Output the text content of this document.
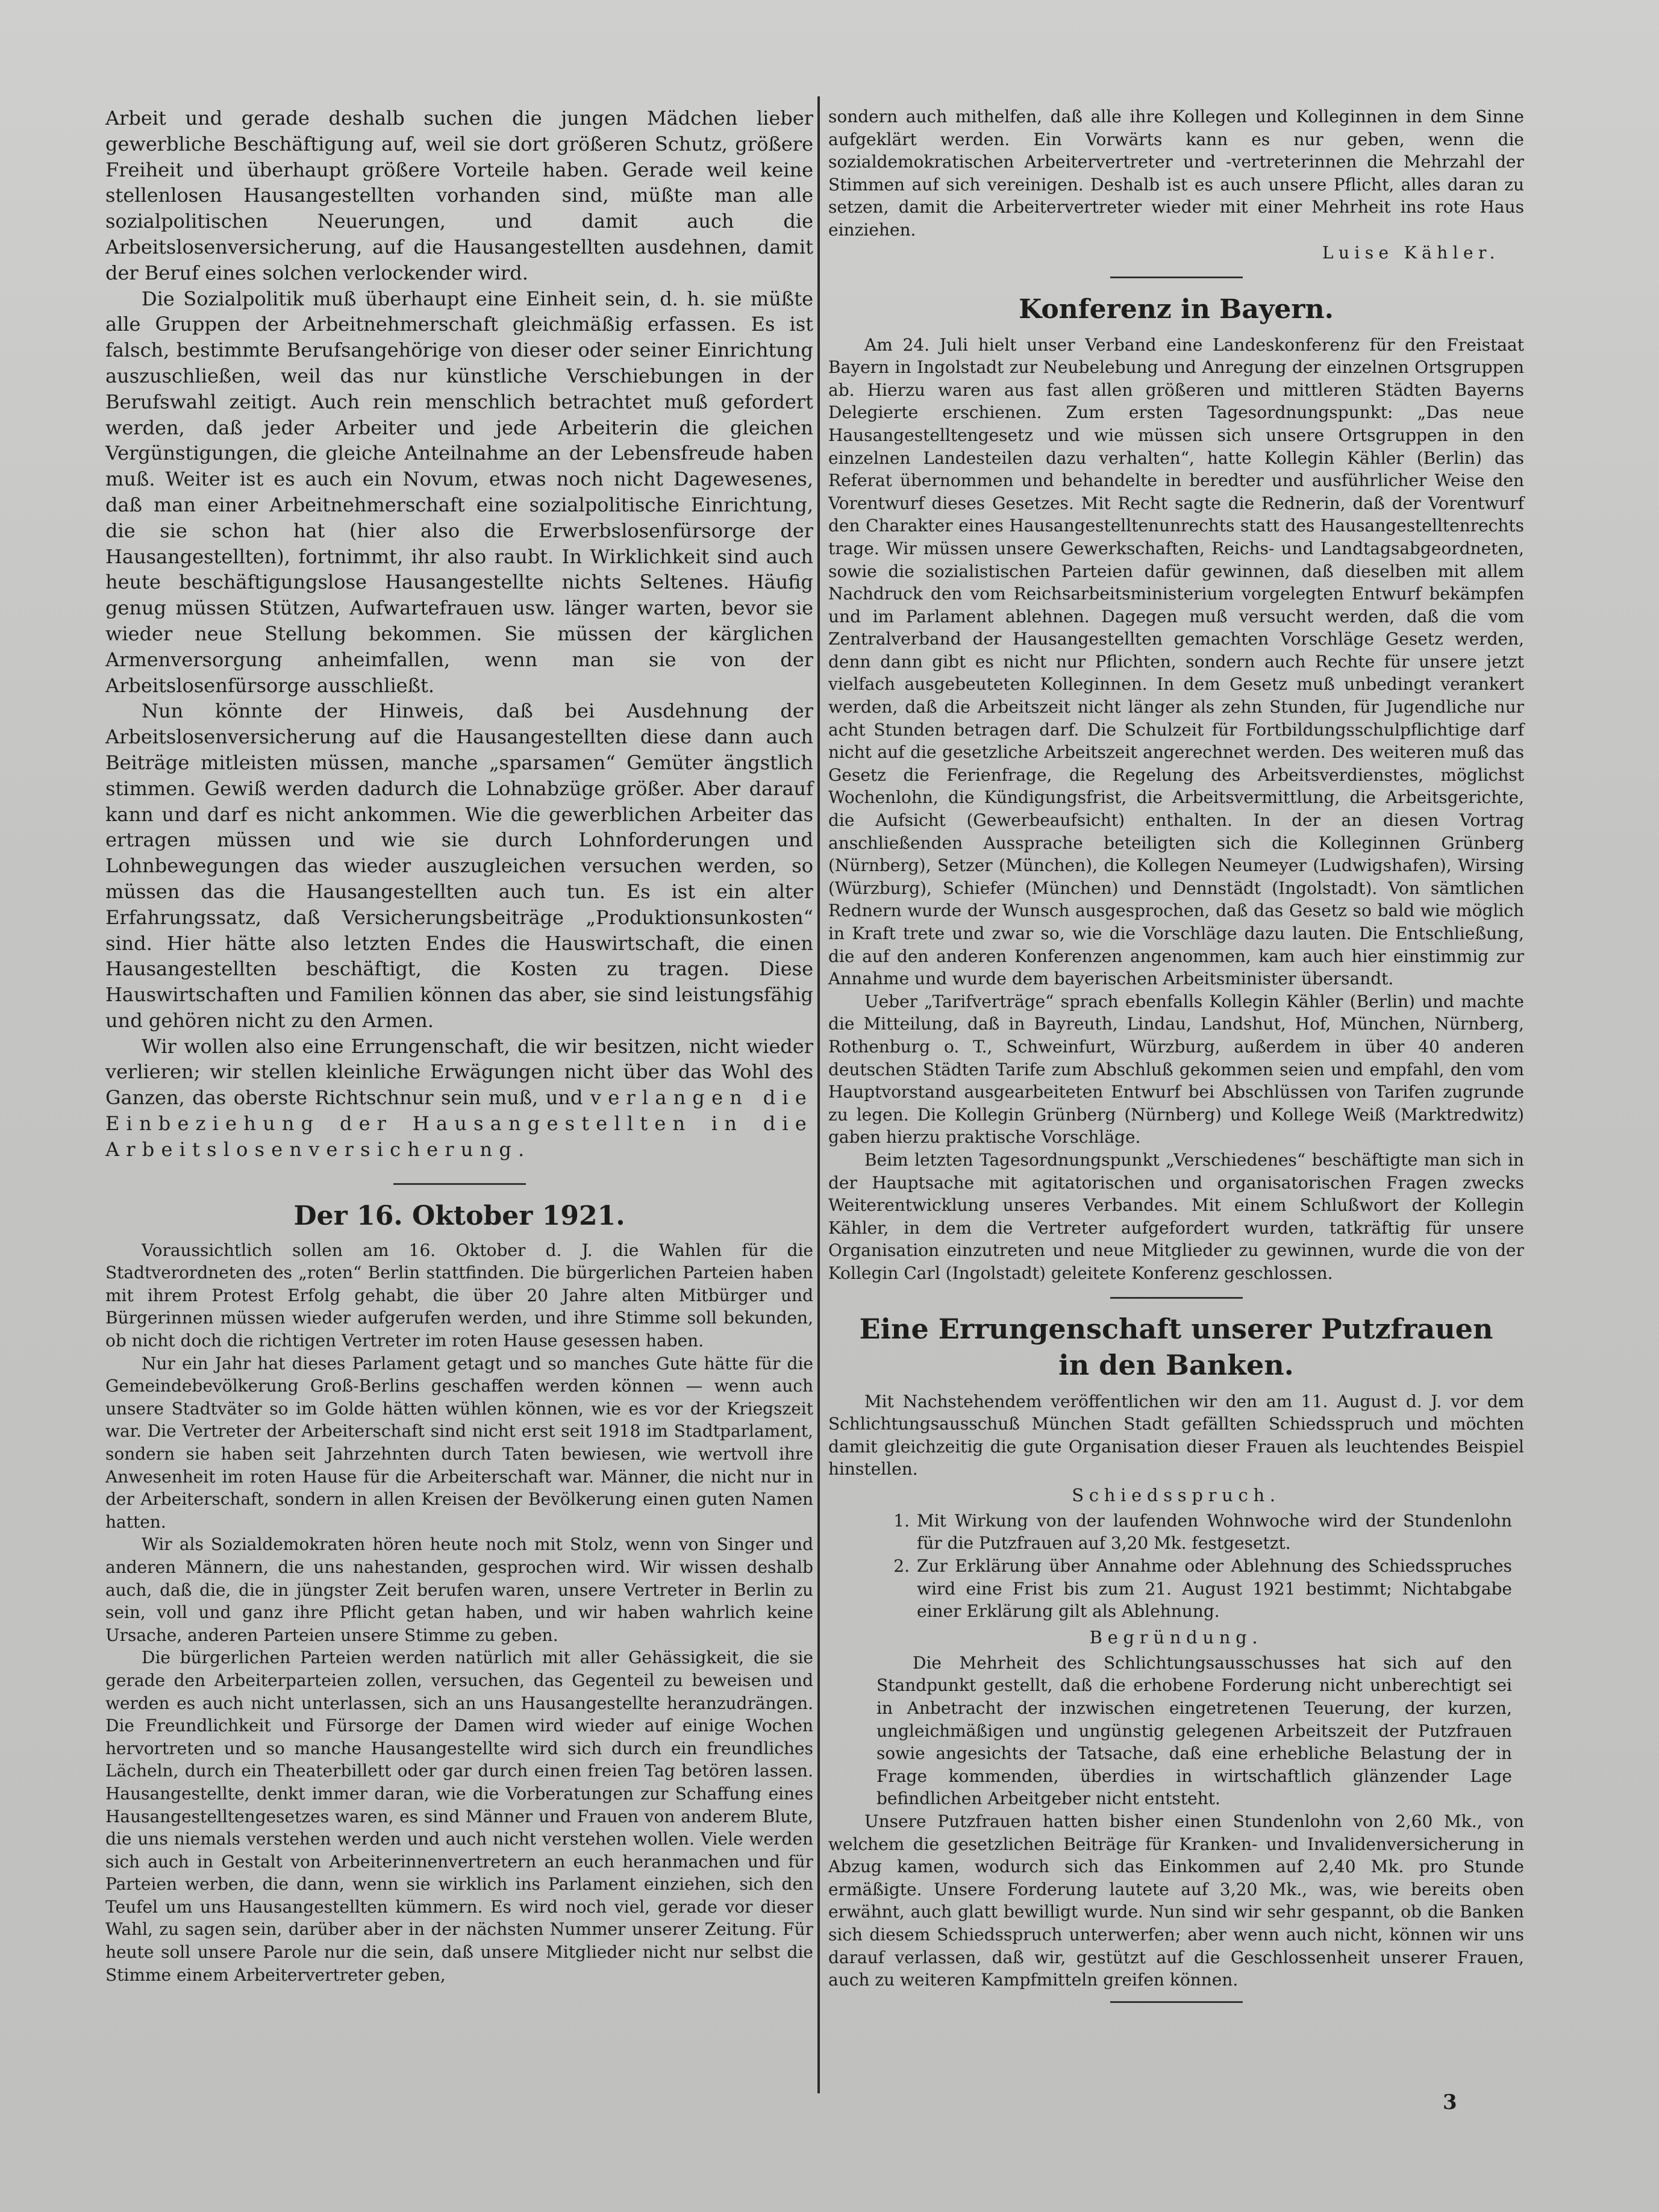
Arbeit und gerade deshalb suchen die jungen Mädchen lieber gewerbliche Beschäftigung auf, weil sie dort größeren Schutz, größere Freiheit und überhaupt größere Vorteile haben. Gerade weil keine stellenlosen Hausangestellten vorhanden sind, müßte man alle sozialpolitischen Neuerungen, und damit auch die Arbeitslosenversicherung, auf die Hausangestellten ausdehnen, damit der Beruf eines solchen verlockender wird.

Die Sozialpolitik muß überhaupt eine Einheit sein, d. h. sie müßte alle Gruppen der Arbeitnehmerschaft gleichmäßig erfassen. Es ist falsch, bestimmte Berufsangehörige von dieser oder seiner Einrichtung auszuschließen, weil das nur künstliche Verschiebungen in der Berufswahl zeitigt. Auch rein menschlich betrachtet muß gefordert werden, daß jeder Arbeiter und jede Arbeiterin die gleichen Vergünstigungen, die gleiche Anteilnahme an der Lebensfreude haben muß. Weiter ist es auch ein Novum, etwas noch nicht Dagewesenes, daß man einer Arbeitnehmerschaft eine sozialpolitische Einrichtung, die sie schon hat (hier also die Erwerbslosenfürsorge der Hausangestellten), fortnimmt, ihr also raubt. In Wirklichkeit sind auch heute beschäftigungslose Hausangestellte nichts Seltenes. Häufig genug müssen Stützen, Aufwartefrauen usw. länger warten, bevor sie wieder neue Stellung bekommen. Sie müssen der kärglichen Armenversorgung anheimfallen, wenn man sie von der Arbeitslosenfürsorge ausschließt.

Nun könnte der Hinweis, daß bei Ausdehnung der Arbeitslosenversicherung auf die Hausangestellten diese dann auch Beiträge mitleisten müssen, manche „sparsamen“ Gemüter ängstlich stimmen. Gewiß werden dadurch die Lohnabzüge größer. Aber darauf kann und darf es nicht ankommen. Wie die gewerblichen Arbeiter das ertragen müssen und wie sie durch Lohnforderungen und Lohnbewegungen das wieder auszugleichen versuchen werden, so müssen das die Hausangestellten auch tun. Es ist ein alter Erfahrungssatz, daß Versicherungsbeiträge „Produktionsunkosten“ sind. Hier hätte also letzten Endes die Hauswirtschaft, die einen Hausangestellten beschäftigt, die Kosten zu tragen. Diese Hauswirtschaften und Familien können das aber, sie sind leistungsfähig und gehören nicht zu den Armen.

Wir wollen also eine Errungenschaft, die wir besitzen, nicht wieder verlieren; wir stellen kleinliche Erwägungen nicht über das Wohl des Ganzen, das oberste Richtschnur sein muß, und verlangen die Einbeziehung der Hausangestellten in die Arbeitslosenversicherung.

Der 16. Oktober 1921.

Voraussichtlich sollen am 16. Oktober d. J. die Wahlen für die Stadtverordneten des „roten“ Berlin stattfinden. Die bürgerlichen Parteien haben mit ihrem Protest Erfolg gehabt, die über 20 Jahre alten Mitbürger und Bürgerinnen müssen wieder aufgerufen werden, und ihre Stimme soll bekunden, ob nicht doch die richtigen Vertreter im roten Hause gesessen haben.

Nur ein Jahr hat dieses Parlament getagt und so manches Gute hätte für die Gemeindebevölkerung Groß-Berlins geschaffen werden können — wenn auch unsere Stadtväter so im Golde hätten wühlen können, wie es vor der Kriegszeit war. Die Vertreter der Arbeiterschaft sind nicht erst seit 1918 im Stadtparlament, sondern sie haben seit Jahrzehnten durch Taten bewiesen, wie wertvoll ihre Anwesenheit im roten Hause für die Arbeiterschaft war. Männer, die nicht nur in der Arbeiterschaft, sondern in allen Kreisen der Bevölkerung einen guten Namen hatten.

Wir als Sozialdemokraten hören heute noch mit Stolz, wenn von Singer und anderen Männern, die uns nahestanden, gesprochen wird. Wir wissen deshalb auch, daß die, die in jüngster Zeit berufen waren, unsere Vertreter in Berlin zu sein, voll und ganz ihre Pflicht getan haben, und wir haben wahrlich keine Ursache, anderen Parteien unsere Stimme zu geben.

Die bürgerlichen Parteien werden natürlich mit aller Gehässigkeit, die sie gerade den Arbeiterparteien zollen, versuchen, das Gegenteil zu beweisen und werden es auch nicht unterlassen, sich an uns Hausangestellte heranzudrängen. Die Freundlichkeit und Fürsorge der Damen wird wieder auf einige Wochen hervortreten und so manche Hausangestellte wird sich durch ein freundliches Lächeln, durch ein Theaterbillett oder gar durch einen freien Tag betören lassen. Hausangestellte, denkt immer daran, wie die Vorberatungen zur Schaffung eines Hausangestelltengesetzes waren, es sind Männer und Frauen von anderem Blute, die uns niemals verstehen werden und auch nicht verstehen wollen. Viele werden sich auch in Gestalt von Arbeiterinnenvertretern an euch heranmachen und für Parteien werben, die dann, wenn sie wirklich ins Parlament einziehen, sich den Teufel um uns Hausangestellten kümmern. Es wird noch viel, gerade vor dieser Wahl, zu sagen sein, darüber aber in der nächsten Nummer unserer Zeitung. Für heute soll unsere Parole nur die sein, daß unsere Mitglieder nicht nur selbst die Stimme einem Arbeitervertreter geben,

sondern auch mithelfen, daß alle ihre Kollegen und Kolleginnen in dem Sinne aufgeklärt werden. Ein Vorwärts kann es nur geben, wenn die sozialdemokratischen Arbeitervertreter und -vertreterinnen die Mehrzahl der Stimmen auf sich vereinigen. Deshalb ist es auch unsere Pflicht, alles daran zu setzen, damit die Arbeitervertreter wieder mit einer Mehrheit ins rote Haus einziehen.

Luise Kähler.
Konferenz in Bayern.

Am 24. Juli hielt unser Verband eine Landeskonferenz für den Freistaat Bayern in Ingolstadt zur Neubelebung und Anregung der einzelnen Ortsgruppen ab. Hierzu waren aus fast allen größeren und mittleren Städten Bayerns Delegierte erschienen. Zum ersten Tagesordnungspunkt: „Das neue Hausangestelltengesetz und wie müssen sich unsere Ortsgruppen in den einzelnen Landesteilen dazu verhalten“, hatte Kollegin Kähler (Berlin) das Referat übernommen und behandelte in beredter und ausführlicher Weise den Vorentwurf dieses Gesetzes. Mit Recht sagte die Rednerin, daß der Vorentwurf den Charakter eines Hausangestelltenunrechts statt des Hausangestelltenrechts trage. Wir müssen unsere Gewerkschaften, Reichs- und Landtagsabgeordneten, sowie die sozialistischen Parteien dafür gewinnen, daß dieselben mit allem Nachdruck den vom Reichsarbeitsministerium vorgelegten Entwurf bekämpfen und im Parlament ablehnen. Dagegen muß versucht werden, daß die vom Zentralverband der Hausangestellten gemachten Vorschläge Gesetz werden, denn dann gibt es nicht nur Pflichten, sondern auch Rechte für unsere jetzt vielfach ausgebeuteten Kolleginnen. In dem Gesetz muß unbedingt verankert werden, daß die Arbeitszeit nicht länger als zehn Stunden, für Jugendliche nur acht Stunden betragen darf. Die Schulzeit für Fortbildungsschulpflichtige darf nicht auf die gesetzliche Arbeitszeit angerechnet werden. Des weiteren muß das Gesetz die Ferienfrage, die Regelung des Arbeitsverdienstes, möglichst Wochenlohn, die Kündigungsfrist, die Arbeitsvermittlung, die Arbeitsgerichte, die Aufsicht (Gewerbeaufsicht) enthalten. In der an diesen Vortrag anschließenden Aussprache beteiligten sich die Kolleginnen Grünberg (Nürnberg), Setzer (München), die Kollegen Neumeyer (Ludwigshafen), Wirsing (Würzburg), Schiefer (München) und Dennstädt (Ingolstadt). Von sämtlichen Rednern wurde der Wunsch ausgesprochen, daß das Gesetz so bald wie möglich in Kraft trete und zwar so, wie die Vorschläge dazu lauten. Die Entschließung, die auf den anderen Konferenzen angenommen, kam auch hier einstimmig zur Annahme und wurde dem bayerischen Arbeitsminister übersandt.

Ueber „Tarifverträge“ sprach ebenfalls Kollegin Kähler (Berlin) und machte die Mitteilung, daß in Bayreuth, Lindau, Landshut, Hof, München, Nürnberg, Rothenburg o. T., Schweinfurt, Würzburg, außerdem in über 40 anderen deutschen Städten Tarife zum Abschluß gekommen seien und empfahl, den vom Hauptvorstand ausgearbeiteten Entwurf bei Abschlüssen von Tarifen zugrunde zu legen. Die Kollegin Grünberg (Nürnberg) und Kollege Weiß (Marktredwitz) gaben hierzu praktische Vorschläge.

Beim letzten Tagesordnungspunkt „Verschiedenes“ beschäftigte man sich in der Hauptsache mit agitatorischen und organisatorischen Fragen zwecks Weiterentwicklung unseres Verbandes. Mit einem Schlußwort der Kollegin Kähler, in dem die Vertreter aufgefordert wurden, tatkräftig für unsere Organisation einzutreten und neue Mitglieder zu gewinnen, wurde die von der Kollegin Carl (Ingolstadt) geleitete Konferenz geschlossen.

Eine Errungenschaft unserer Putzfrauen
in den Banken.

Mit Nachstehendem veröffentlichen wir den am 11. August d. J. vor dem Schlichtungsausschuß München Stadt gefällten Schiedsspruch und möchten damit gleichzeitig die gute Organisation dieser Frauen als leuchtendes Beispiel hinstellen.

Schiedsspruch.
1. Mit Wirkung von der laufenden Wohnwoche wird der Stundenlohn für die Putzfrauen auf 3,20 Mk. festgesetzt.
2. Zur Erklärung über Annahme oder Ablehnung des Schiedsspruches wird eine Frist bis zum 21. August 1921 bestimmt; Nichtabgabe einer Erklärung gilt als Ablehnung.
Begründung.

Die Mehrheit des Schlichtungsausschusses hat sich auf den Standpunkt gestellt, daß die erhobene Forderung nicht unberechtigt sei in Anbetracht der inzwischen eingetretenen Teuerung, der kurzen, ungleichmäßigen und ungünstig gelegenen Arbeitszeit der Putzfrauen sowie angesichts der Tatsache, daß eine erhebliche Belastung der in Frage kommenden, überdies in wirtschaftlich glänzender Lage befindlichen Arbeitgeber nicht entsteht.

Unsere Putzfrauen hatten bisher einen Stundenlohn von 2,60 Mk., von welchem die gesetzlichen Beiträge für Kranken- und Invalidenversicherung in Abzug kamen, wodurch sich das Einkommen auf 2,40 Mk. pro Stunde ermäßigte. Unsere Forderung lautete auf 3,20 Mk., was, wie bereits oben erwähnt, auch glatt bewilligt wurde. Nun sind wir sehr gespannt, ob die Banken sich diesem Schiedsspruch unterwerfen; aber wenn auch nicht, können wir uns darauf verlassen, daß wir, gestützt auf die Geschlossenheit unserer Frauen, auch zu weiteren Kampfmitteln greifen können.

3
